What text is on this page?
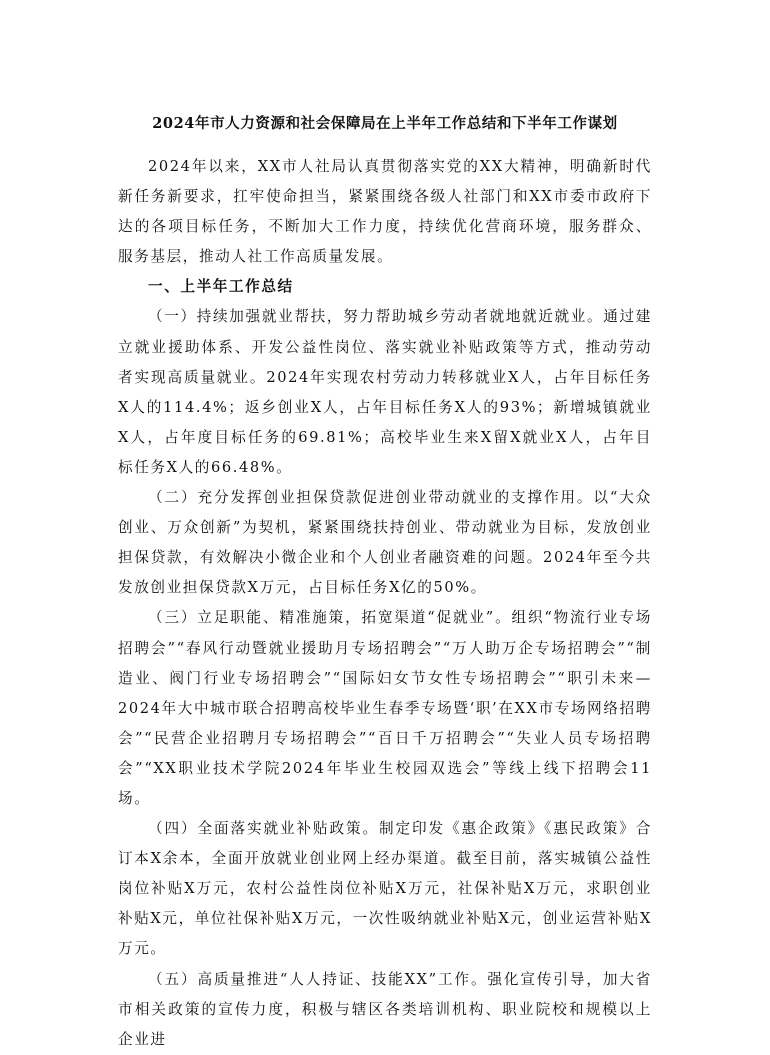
2024年市人力资源和社会保障局在上半年工作总结和下半年工作谋划

2024年以来，XX市人社局认真贯彻落实党的XX大精神，明确新时代新任务新要求，扛牢使命担当，紧紧围绕各级人社部门和XX市委市政府下达的各项目标任务，不断加大工作力度，持续优化营商环境，服务群众、服务基层，推动人社工作高质量发展。

一、上半年工作总结

（一）持续加强就业帮扶，努力帮助城乡劳动者就地就近就业。通过建立就业援助体系、开发公益性岗位、落实就业补贴政策等方式，推动劳动者实现高质量就业。2024年实现农村劳动力转移就业X人，占年目标任务X人的114.4%；返乡创业X人，占年目标任务X人的93%；新增城镇就业X人，占年度目标任务的69.81%；高校毕业生来X留X就业X人，占年目标任务X人的66.48%。

（二）充分发挥创业担保贷款促进创业带动就业的支撑作用。以“大众创业、万众创新”为契机，紧紧围绕扶持创业、带动就业为目标，发放创业担保贷款，有效解决小微企业和个人创业者融资难的问题。2024年至今共发放创业担保贷款X万元，占目标任务X亿的50%。

（三）立足职能、精准施策，拓宽渠道“促就业”。组织“物流行业专场招聘会”“春风行动暨就业援助月专场招聘会”“万人助万企专场招聘会”“制造业、阀门行业专场招聘会”“国际妇女节女性专场招聘会”“职引未来—2024年大中城市联合招聘高校毕业生春季专场暨‘职’在XX市专场网络招聘会”“民营企业招聘月专场招聘会”“百日千万招聘会”“失业人员专场招聘会”“XX职业技术学院2024年毕业生校园双选会”等线上线下招聘会11场。

（四）全面落实就业补贴政策。制定印发《惠企政策》《惠民政策》合订本X余本，全面开放就业创业网上经办渠道。截至目前，落实城镇公益性岗位补贴X万元，农村公益性岗位补贴X万元，社保补贴X万元，求职创业补贴X元，单位社保补贴X万元，一次性吸纳就业补贴X元，创业运营补贴X万元。

（五）高质量推进“人人持证、技能XX”工作。强化宣传引导，加大省市相关政策的宣传力度，积极与辖区各类培训机构、职业院校和规模以上企业进
